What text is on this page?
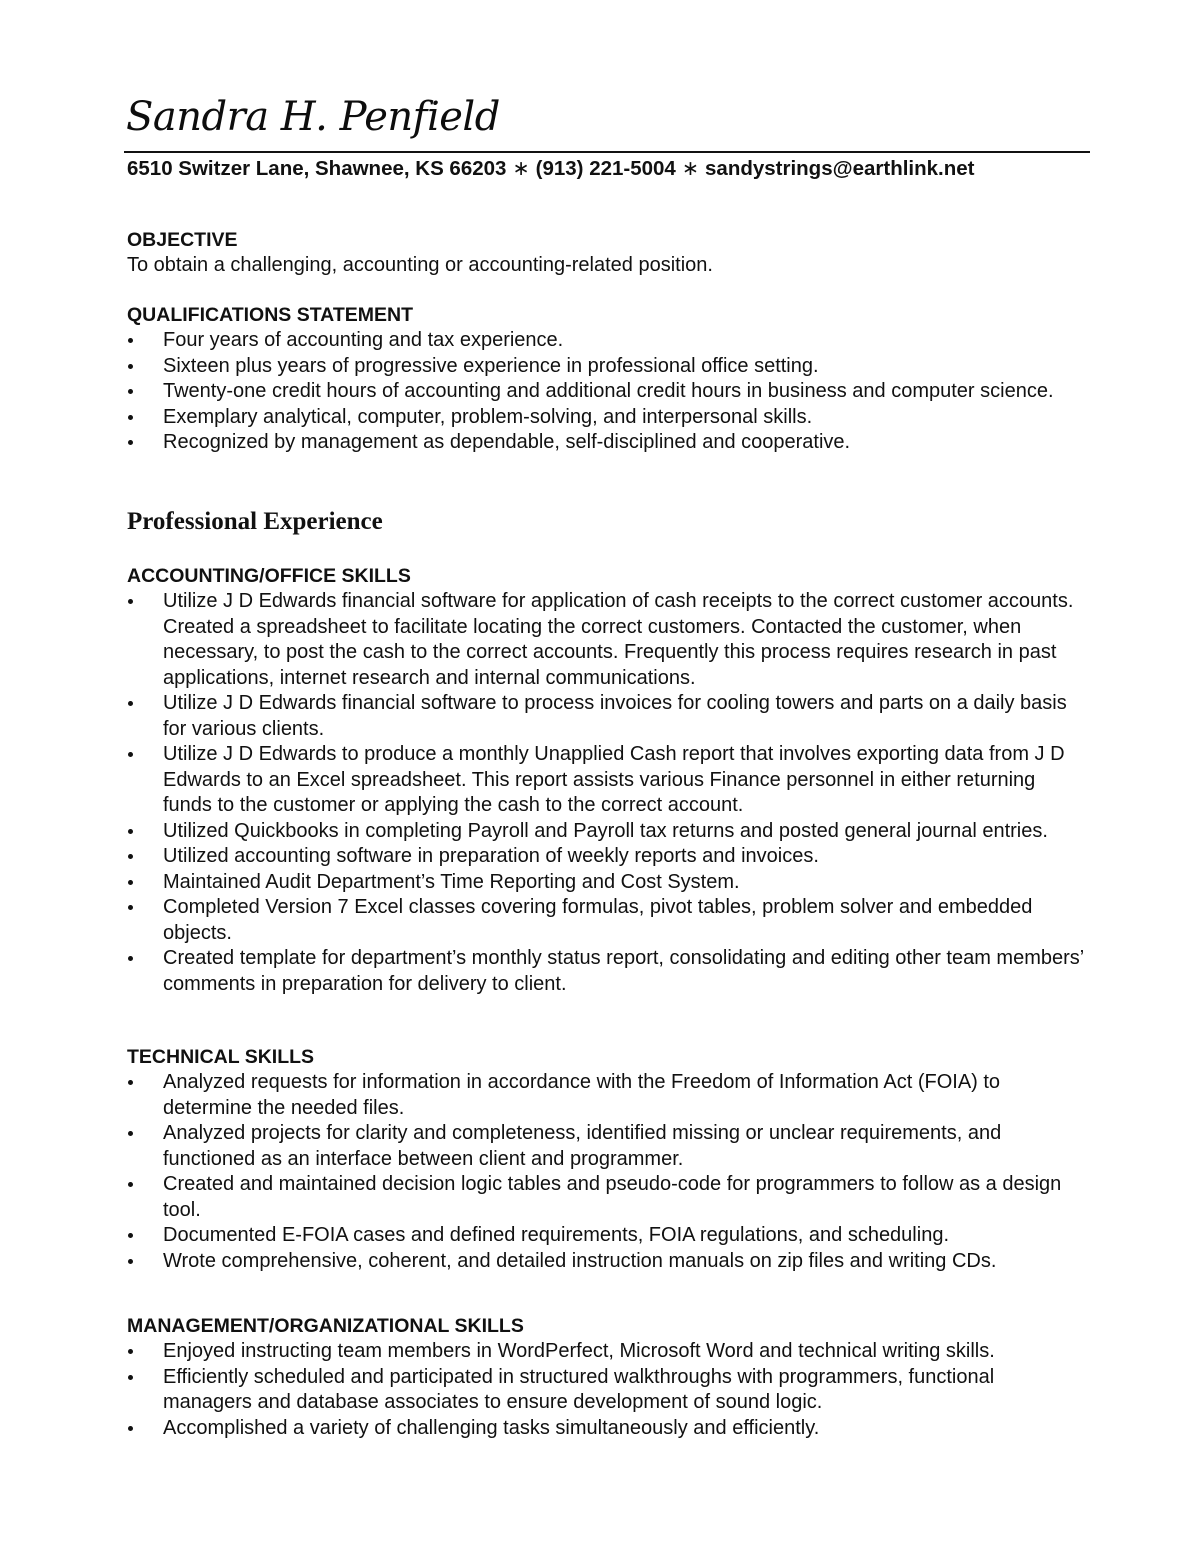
Sandra H. Penfield
6510 Switzer Lane, Shawnee, KS 66203 ∗ (913) 221-5004 ∗ sandystrings@earthlink.net
OBJECTIVE
To obtain a challenging, accounting or accounting-related position.
QUALIFICATIONS STATEMENT
Four years of accounting and tax experience.
Sixteen plus years of progressive experience in professional office setting.
Twenty-one credit hours of accounting and additional credit hours in business and computer science.
Exemplary analytical, computer, problem-solving, and interpersonal skills.
Recognized by management as dependable, self-disciplined and cooperative.
Professional Experience
ACCOUNTING/OFFICE SKILLS
Utilize J D Edwards financial software for application of cash receipts to the correct customer accounts. Created a spreadsheet to facilitate locating the correct customers. Contacted the customer, when necessary, to post the cash to the correct accounts. Frequently this process requires research in past applications, internet research and internal communications.
Utilize J D Edwards financial software to process invoices for cooling towers and parts on a daily basis for various clients.
Utilize J D Edwards to produce a monthly Unapplied Cash report that involves exporting data from J D Edwards to an Excel spreadsheet. This report assists various Finance personnel in either returning funds to the customer or applying the cash to the correct account.
Utilized Quickbooks in completing Payroll and Payroll tax returns and posted general journal entries.
Utilized accounting software in preparation of weekly reports and invoices.
Maintained Audit Department’s Time Reporting and Cost System.
Completed Version 7 Excel classes covering formulas, pivot tables, problem solver and embedded objects.
Created template for department’s monthly status report, consolidating and editing other team members’ comments in preparation for delivery to client.
TECHNICAL SKILLS
Analyzed requests for information in accordance with the Freedom of Information Act (FOIA) to determine the needed files.
Analyzed projects for clarity and completeness, identified missing or unclear requirements, and functioned as an interface between client and programmer.
Created and maintained decision logic tables and pseudo-code for programmers to follow as a design tool.
Documented E-FOIA cases and defined requirements, FOIA regulations, and scheduling.
Wrote comprehensive, coherent, and detailed instruction manuals on zip files and writing CDs.
MANAGEMENT/ORGANIZATIONAL SKILLS
Enjoyed instructing team members in WordPerfect, Microsoft Word and technical writing skills.
Efficiently scheduled and participated in structured walkthroughs with programmers, functional managers and database associates to ensure development of sound logic.
Accomplished a variety of challenging tasks simultaneously and efficiently.
